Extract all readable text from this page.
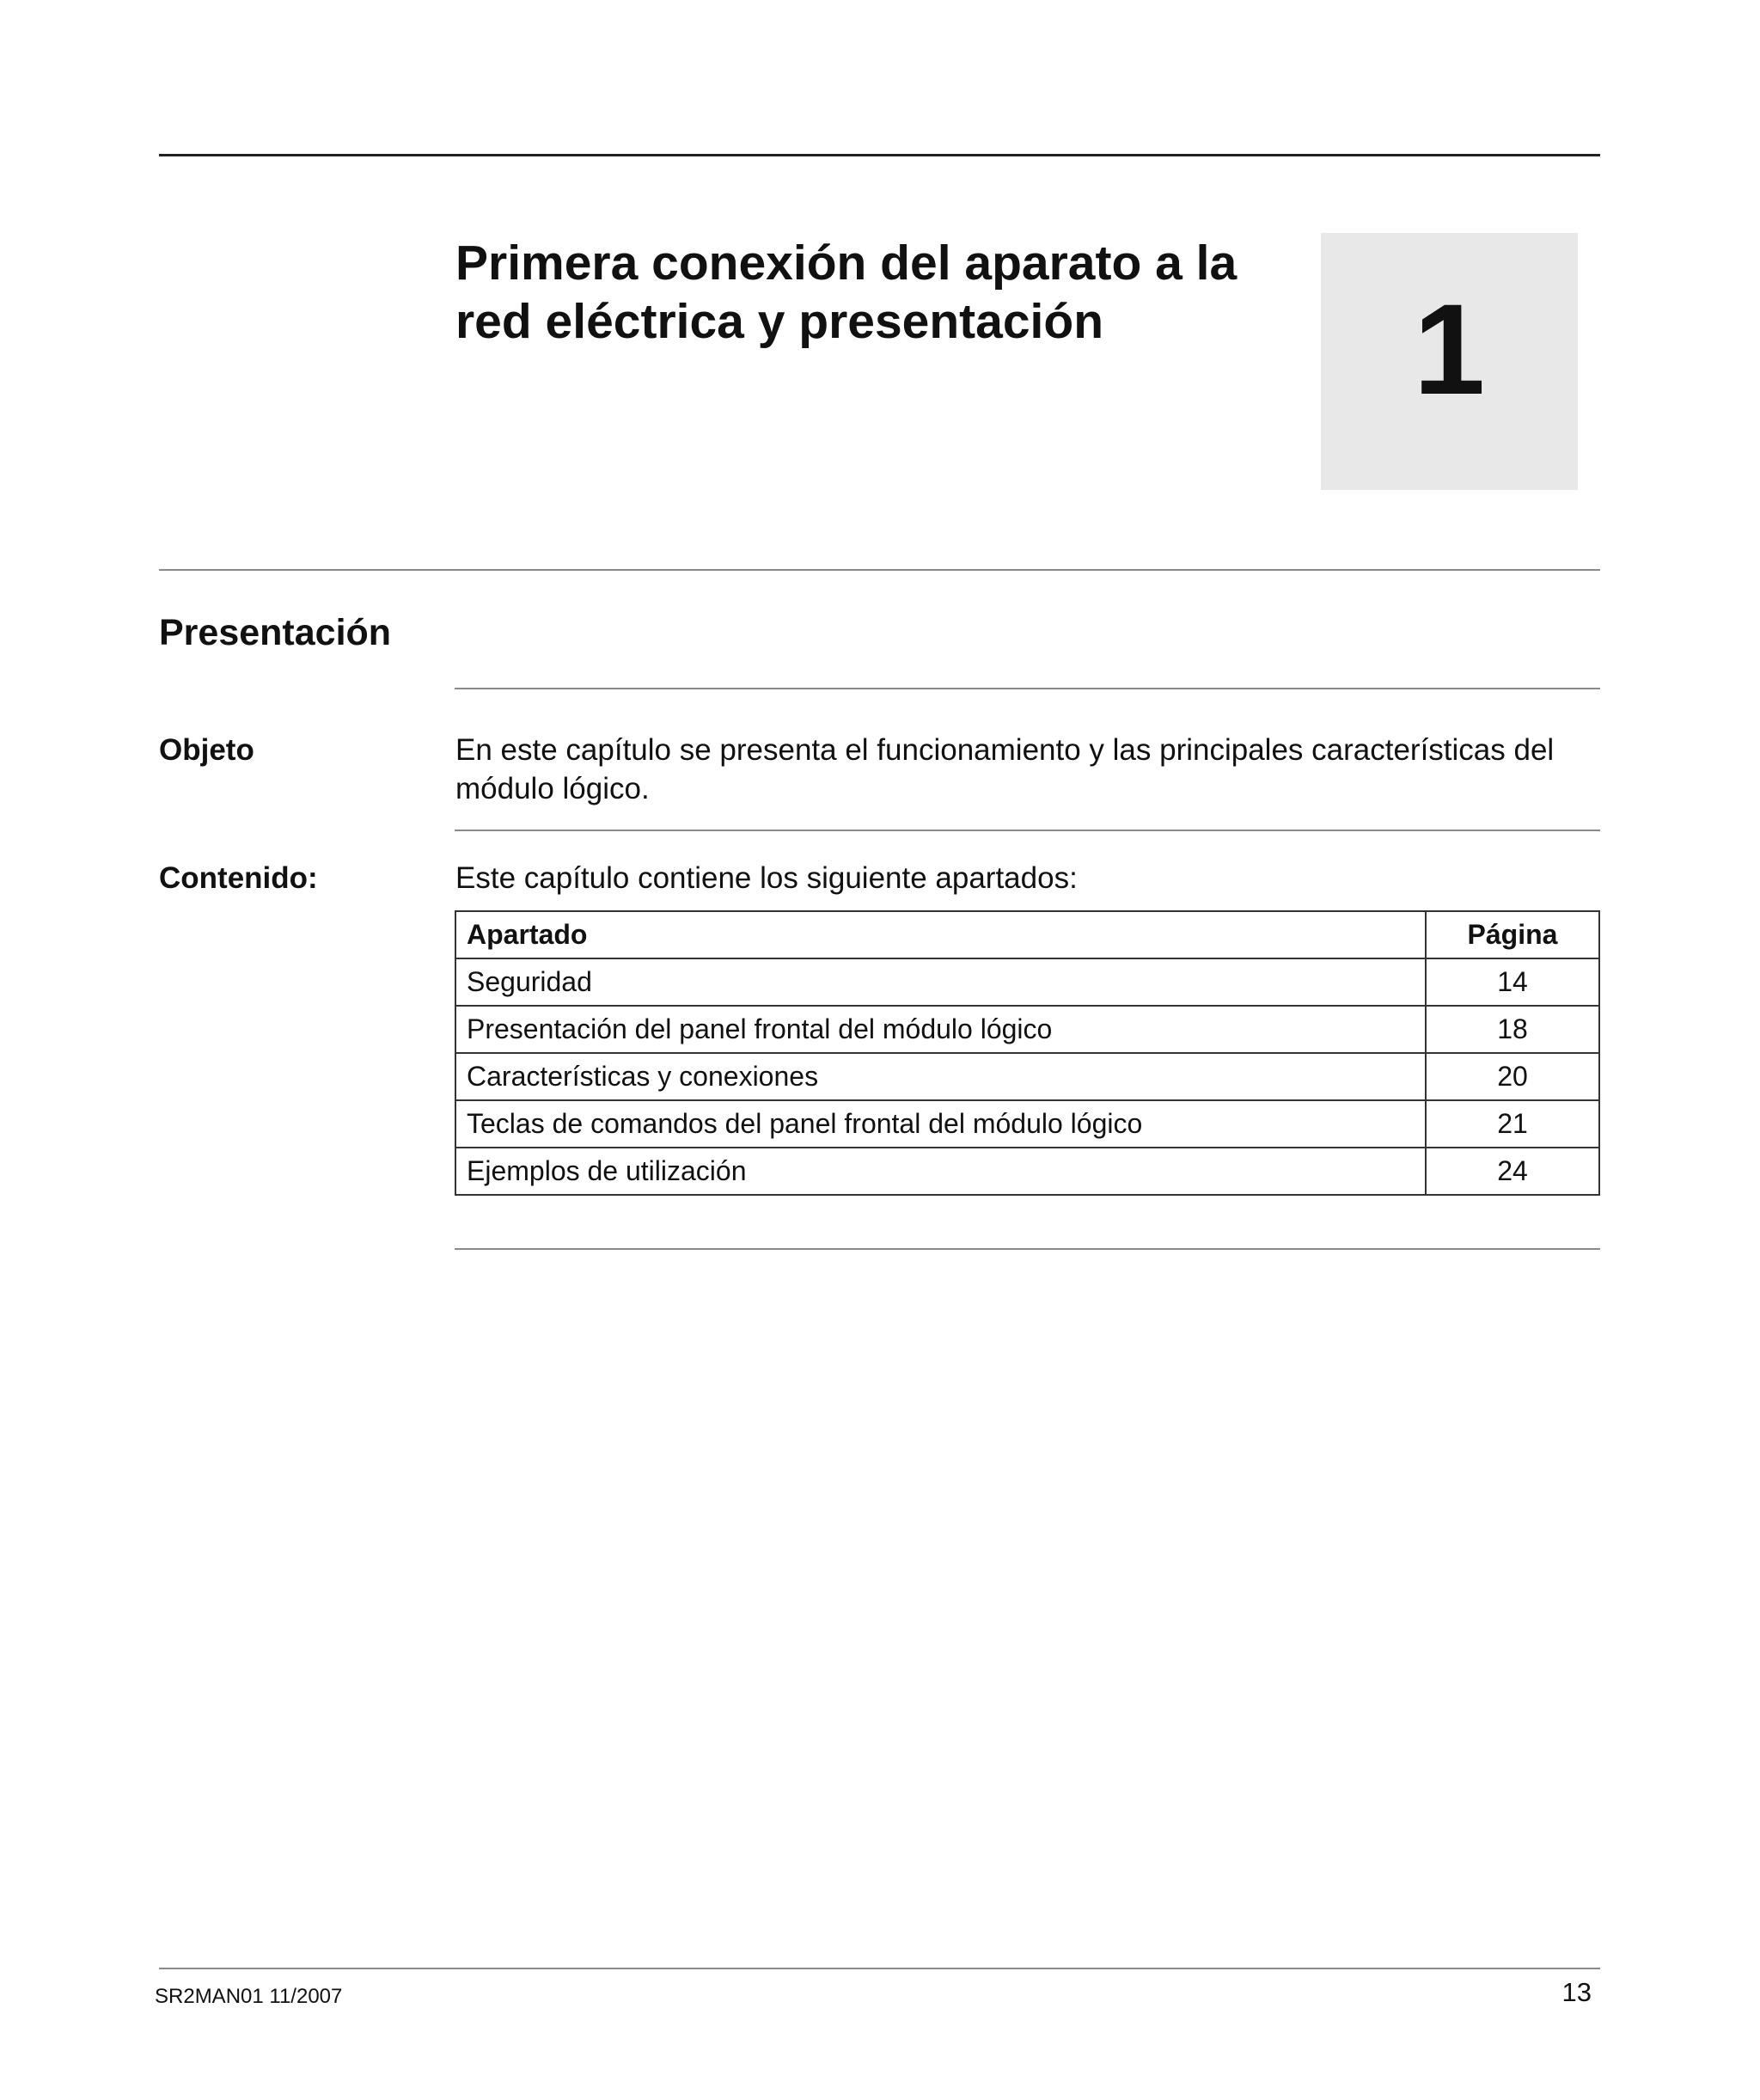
Primera conexión del aparato a la
red eléctrica y presentación	1
Presentación
Objeto	En este capítulo se presenta el funcionamiento y las principales características del módulo lógico.

Contenido:	Este capítulo contiene los siguiente apartados:

Apartado	Página
Seguridad	14
Presentación del panel frontal del módulo lógico	18
Características y conexiones	20
Teclas de comandos del panel frontal del módulo lógico	21
Ejemplos de utilización	24
SR2MAN01 11/2007	13
